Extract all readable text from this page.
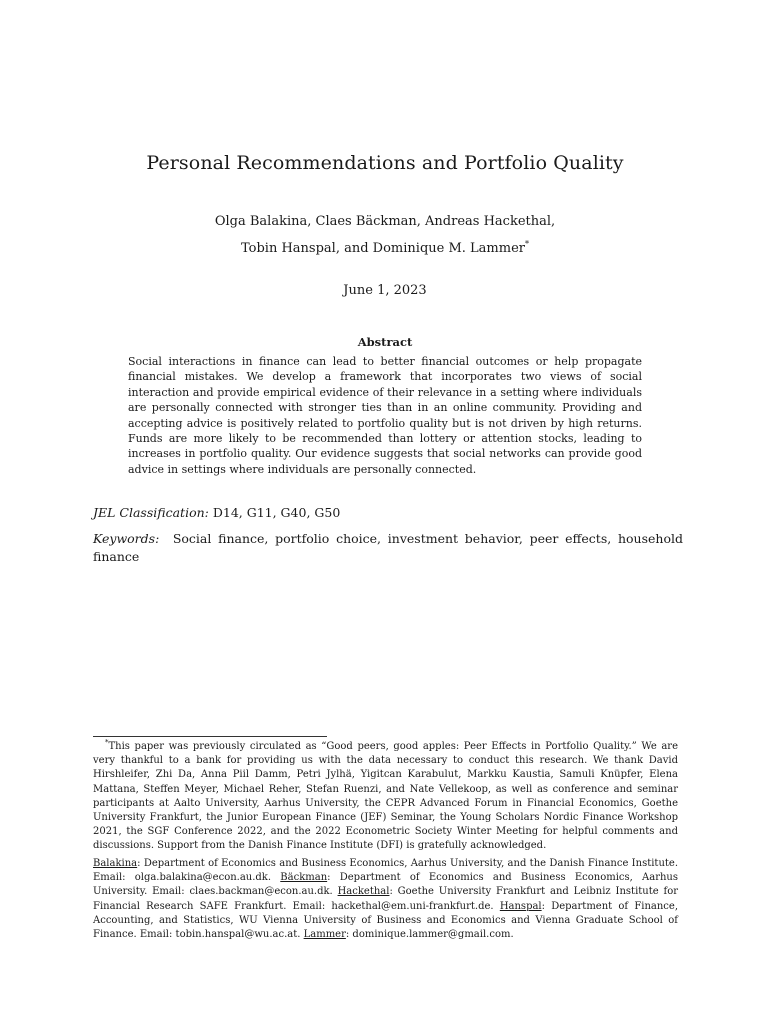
Personal Recommendations and Portfolio Quality
Olga Balakina, Claes Bäckman, Andreas Hackethal,
Tobin Hanspal, and Dominique M. Lammer*
June 1, 2023
Abstract
Social interactions in finance can lead to better financial outcomes or help propagate financial mistakes. We develop a framework that incorporates two views of social interaction and provide empirical evidence of their relevance in a setting where individuals are personally connected with stronger ties than in an online community. Providing and accepting advice is positively related to portfolio quality but is not driven by high returns. Funds are more likely to be recommended than lottery or attention stocks, leading to increases in portfolio quality. Our evidence suggests that social networks can provide good advice in settings where individuals are personally connected.
JEL Classification: D14, G11, G40, G50
Keywords: Social finance, portfolio choice, investment behavior, peer effects, household finance
*This paper was previously circulated as “Good peers, good apples: Peer Effects in Portfolio Quality.” We are very thankful to a bank for providing us with the data necessary to conduct this research. We thank David Hirshleifer, Zhi Da, Anna Piil Damm, Petri Jylhä, Yigitcan Karabulut, Markku Kaustia, Samuli Knüpfer, Elena Mattana, Steffen Meyer, Michael Reher, Stefan Ruenzi, and Nate Vellekoop, as well as conference and seminar participants at Aalto University, Aarhus University, the CEPR Advanced Forum in Financial Economics, Goethe University Frankfurt, the Junior European Finance (JEF) Seminar, the Young Scholars Nordic Finance Workshop 2021, the SGF Conference 2022, and the 2022 Econometric Society Winter Meeting for helpful comments and discussions. Support from the Danish Finance Institute (DFI) is gratefully acknowledged.
Balakina: Department of Economics and Business Economics, Aarhus University, and the Danish Finance Institute. Email: olga.balakina@econ.au.dk. Bäckman: Department of Economics and Business Economics, Aarhus University. Email: claes.backman@econ.au.dk. Hackethal: Goethe University Frankfurt and Leibniz Institute for Financial Research SAFE Frankfurt. Email: hackethal@em.uni-frankfurt.de. Hanspal: Department of Finance, Accounting, and Statistics, WU Vienna University of Business and Economics and Vienna Graduate School of Finance. Email: tobin.hanspal@wu.ac.at. Lammer: dominique.lammer@gmail.com.
